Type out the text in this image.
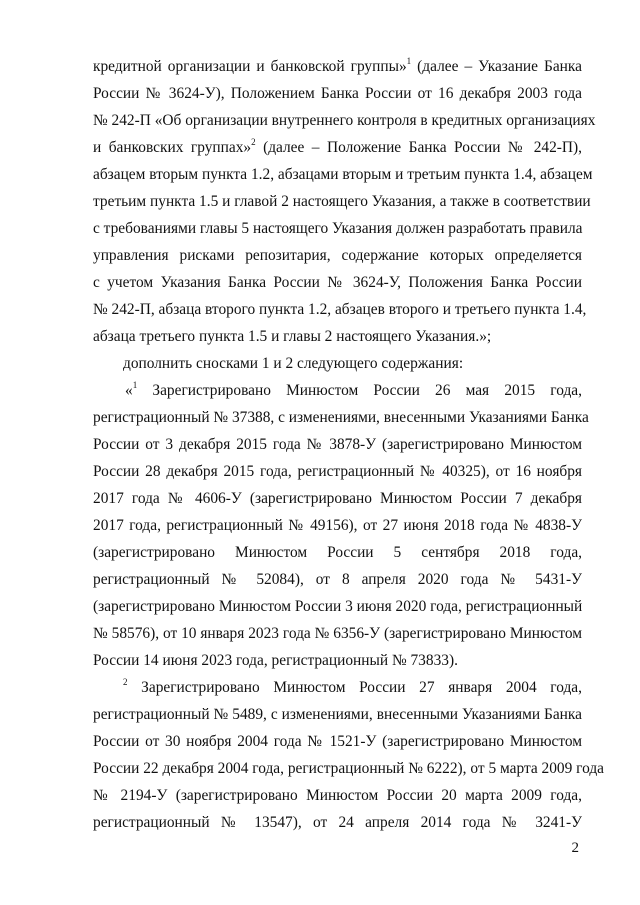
2
кредитной организации и банковской группы»$^1$ (далее – Указание Банка
России № 3624-У), Положением Банка России от 16 декабря 2003 года
№ 242-П «Об организации внутреннего контроля в кредитных организациях
и банковских группах»$^2$ (далее – Положение Банка России № 242-П),
абзацем вторым пункта 1.2, абзацами вторым и третьим пункта 1.4, абзацем
третьим пункта 1.5 и главой 2 настоящего Указания, а также в соответствии
с требованиями главы 5 настоящего Указания должен разработать правила
управления рисками репозитария, содержание которых определяется
с учетом Указания Банка России № 3624-У, Положения Банка России
№ 242-П, абзаца второго пункта 1.2, абзацев второго и третьего пункта 1.4,
абзаца третьего пункта 1.5 и главы 2 настоящего Указания.»;
дополнить сносками 1 и 2 следующего содержания:
«$^1$ Зарегистрировано Минюстом России 26 мая 2015 года,
регистрационный № 37388, с изменениями, внесенными Указаниями Банка
России от 3 декабря 2015 года № 3878-У (зарегистрировано Минюстом
России 28 декабря 2015 года, регистрационный № 40325), от 16 ноября
2017 года № 4606-У (зарегистрировано Минюстом России 7 декабря
2017 года, регистрационный № 49156), от 27 июня 2018 года № 4838-У
(зарегистрировано Минюстом России 5 сентября 2018 года,
регистрационный № 52084), от 8 апреля 2020 года № 5431-У
(зарегистрировано Минюстом России 3 июня 2020 года, регистрационный
№ 58576), от 10 января 2023 года № 6356-У (зарегистрировано Минюстом
России 14 июня 2023 года, регистрационный № 73833).
$^2$ Зарегистрировано Минюстом России 27 января 2004 года,
регистрационный № 5489, с изменениями, внесенными Указаниями Банка
России от 30 ноября 2004 года № 1521-У (зарегистрировано Минюстом
России 22 декабря 2004 года, регистрационный № 6222), от 5 марта 2009 года
№ 2194-У (зарегистрировано Минюстом России 20 марта 2009 года,
регистрационный № 13547), от 24 апреля 2014 года № 3241-У
